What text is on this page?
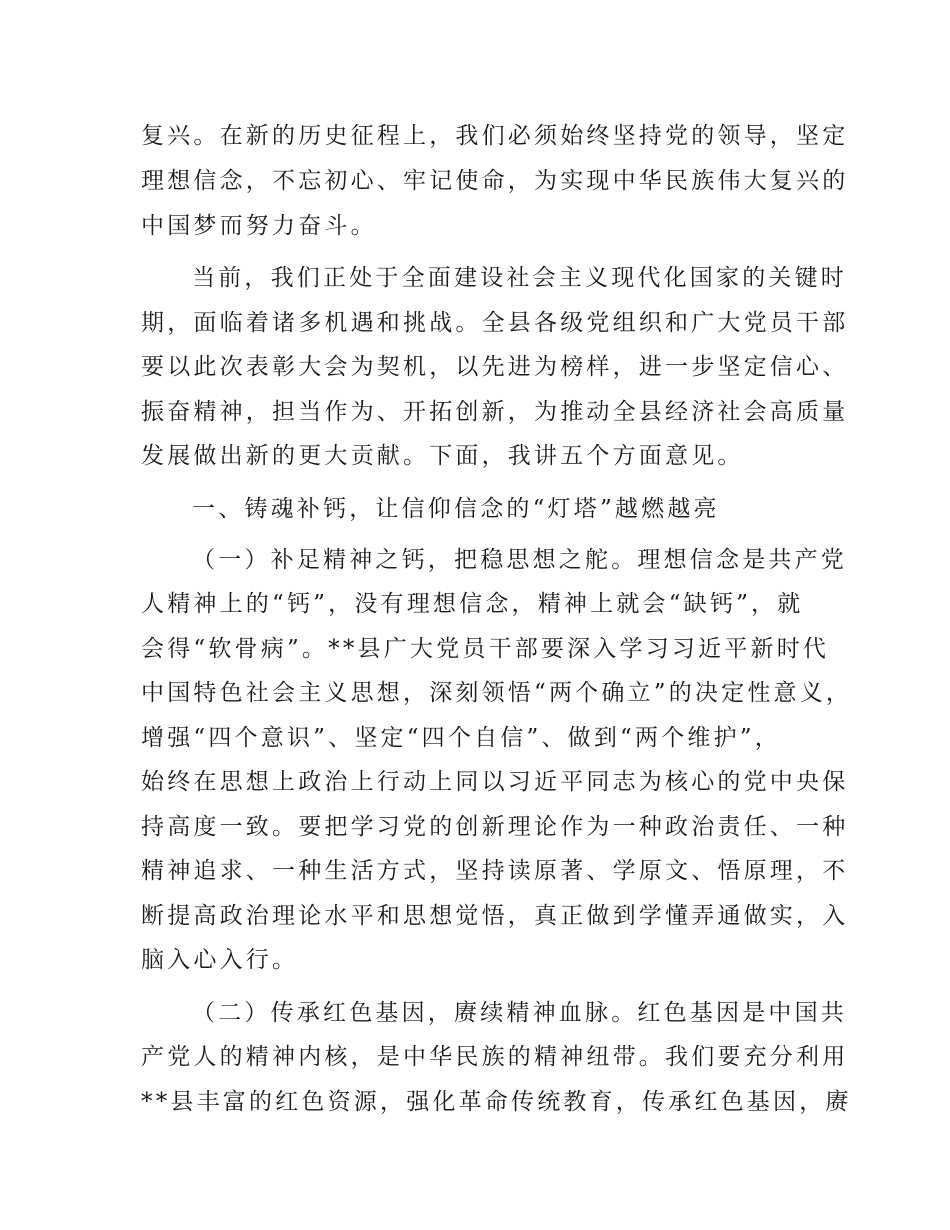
复兴。在新的历史征程上，我们必须始终坚持党的领导，坚定
理想信念，不忘初心、牢记使命，为实现中华民族伟大复兴的
中国梦而努力奋斗。
当前，我们正处于全面建设社会主义现代化国家的关键时
期，面临着诸多机遇和挑战。全县各级党组织和广大党员干部
要以此次表彰大会为契机，以先进为榜样，进一步坚定信心、
振奋精神，担当作为、开拓创新，为推动全县经济社会高质量
发展做出新的更大贡献。下面，我讲五个方面意见。
一、铸魂补钙，让信仰信念的“灯塔”越燃越亮
（一）补足精神之钙，把稳思想之舵。理想信念是共产党
人精神上的“钙”，没有理想信念，精神上就会“缺钙”，就
会得“软骨病”。**县广大党员干部要深入学习习近平新时代
中国特色社会主义思想，深刻领悟“两个确立”的决定性意义，
增强“四个意识”、坚定“四个自信”、做到“两个维护”，
始终在思想上政治上行动上同以习近平同志为核心的党中央保
持高度一致。要把学习党的创新理论作为一种政治责任、一种
精神追求、一种生活方式，坚持读原著、学原文、悟原理，不
断提高政治理论水平和思想觉悟，真正做到学懂弄通做实，入
脑入心入行。
（二）传承红色基因，赓续精神血脉。红色基因是中国共
产党人的精神内核，是中华民族的精神纽带。我们要充分利用
**县丰富的红色资源，强化革命传统教育，传承红色基因，赓
